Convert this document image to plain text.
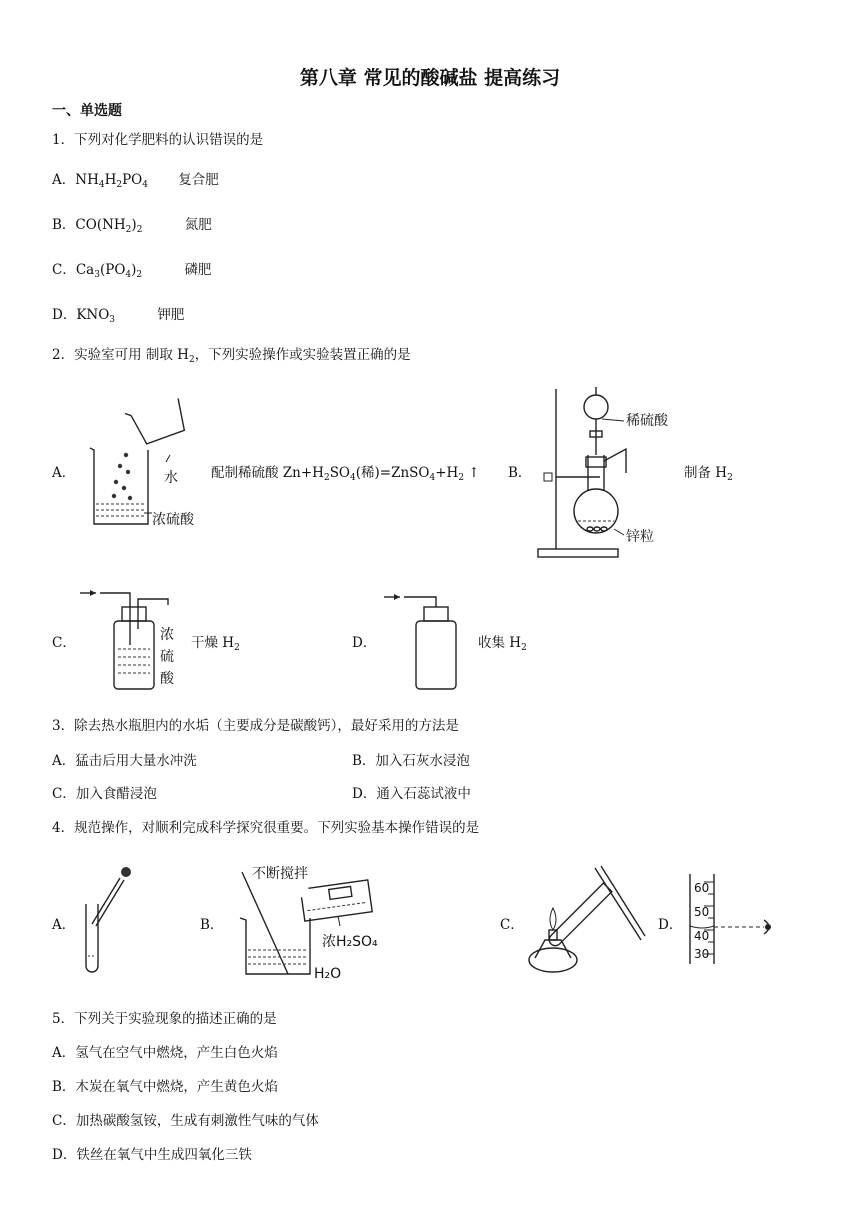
第八章 常见的酸碱盐 提高练习
一、单选题
1．下列对化学肥料的认识错误的是
A．$NH_4H_2PO_4$ 复合肥
B．$CO(NH_2)_2$	氮肥
C．$Ca_3(PO_4)_2$	磷肥
D．$KNO_3$	钾肥
2．实验室可用 制取 $H_2$，下列实验操作或实验装置正确的是
A．	水
浓硫酸
配制稀硫酸 $Zn+H_2SO_4$(稀)$=ZnSO_4+H_2$ ↑ B．
稀硫酸
锌粒
制备 $H_2$
C．	浓
硫
酸
干燥 $H_2$	D．	收集 $H_2$
3．除去热水瓶胆内的水垢（主要成分是碳酸钙），最好采用的方法是
A．猛击后用大量水冲洗	B．加入石灰水浸泡
C．加入食醋浸泡	D．通入石蕊试液中
4．规范操作，对顺利完成科学探究很重要。下列实验基本操作错误的是
A．	B．
不断搅拌
浓H₂SO₄
H₂O
C．	D．
60
50
40
30
5．下列关于实验现象的描述正确的是
A．氢气在空气中燃烧，产生白色火焰
B．木炭在氧气中燃烧，产生黄色火焰
C．加热碳酸氢铵，生成有刺激性气味的气体
D．铁丝在氧气中生成四氧化三铁
